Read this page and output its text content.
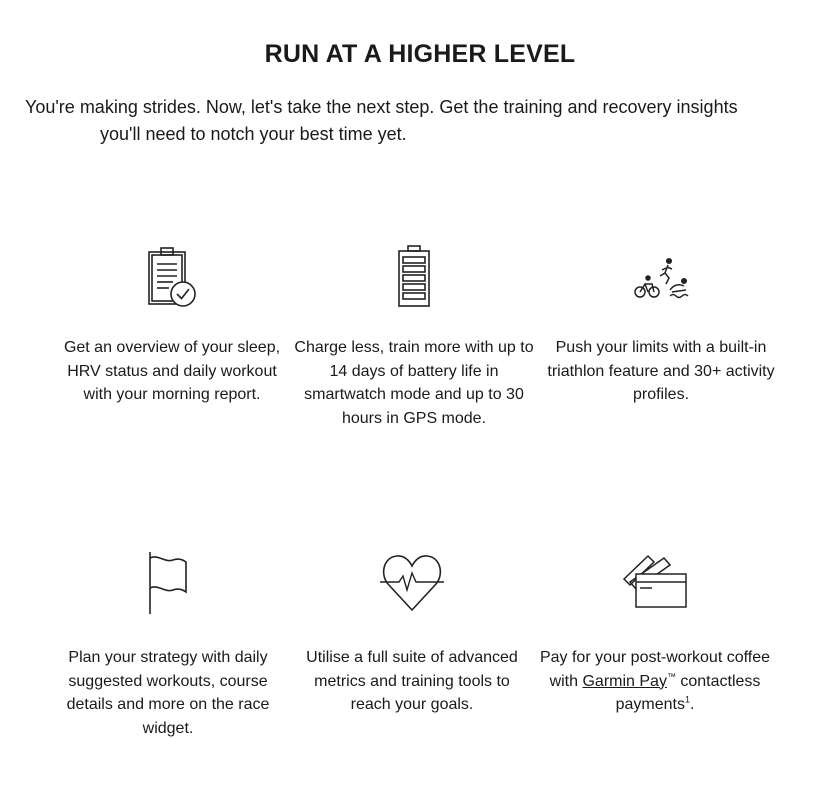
RUN AT A HIGHER LEVEL
You're making strides. Now, let's take the next step. Get the training and recovery insights
you'll need to notch your best time yet.
Get an overview of your sleep, HRV status and daily workout with your morning report.
Charge less, train more with up to 14 days of battery life in smartwatch mode and up to 30 hours in GPS mode.
Push your limits with a built-in triathlon feature and 30+ activity profiles.
Plan your strategy with daily suggested workouts, course details and more on the race widget.
Utilise a full suite of advanced metrics and training tools to reach your goals.
Pay for your post-workout coffee with Garmin Pay™ contactless payments$^1$.
